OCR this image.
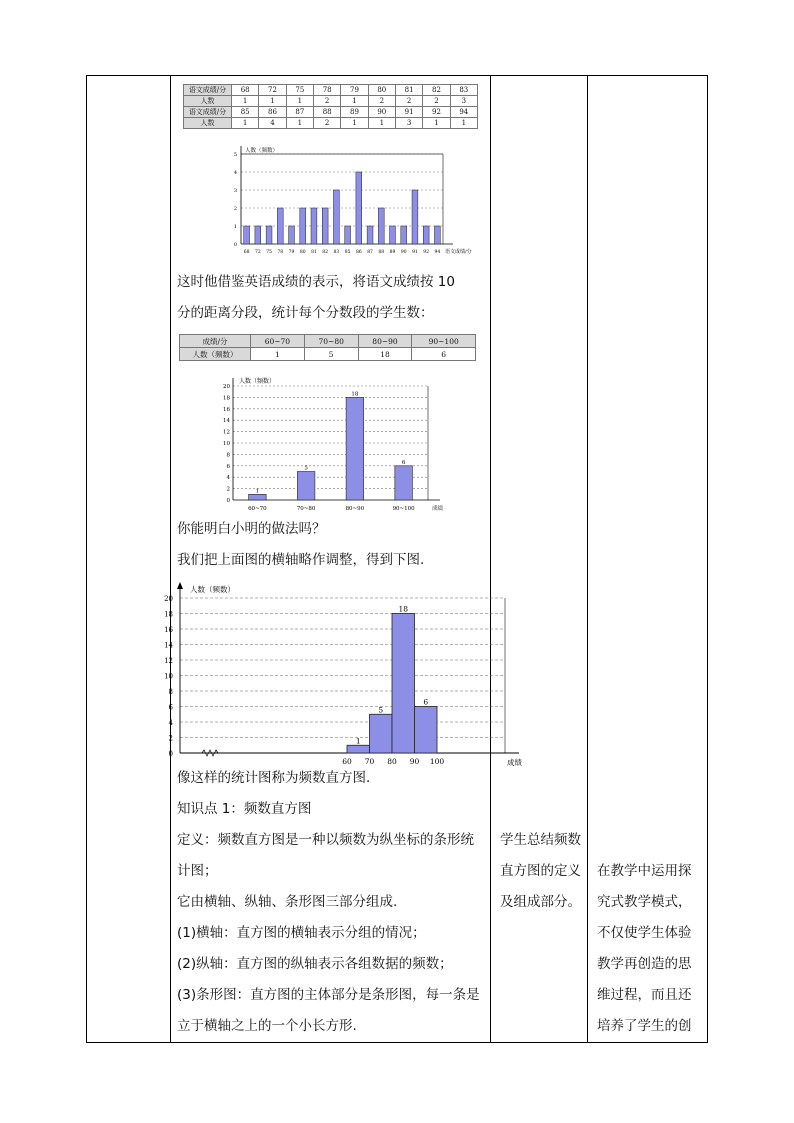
语文成绩/分	68	72	75	78	79	80	81	82	83
人数	1	1	1	2	1	2	2	2	3
语文成绩/分	85	86	87	88	89	90	91	92	94
人数	1	4	1	2	1	1	3	1	1
0
1
2
3
4
5
人数（频数）
语文成绩/分
68 72 75 78 79 80 81 82 83 85 86 87 88 89 90 91 92 94
这时他借鉴英语成绩的表示，将语文成绩按 10
分的距离分段，统计每个分数段的学生数：
成绩/分	60~70	70~80	80~90	90~100
人数（频数）	1	5	18	6
0
2
4
6
8
10
12
14
16
18
20
人数（频数）
成绩
1
60~70
5
70~80
18
80~90
6
90~100
你能明白小明的做法吗？
我们把上面图的横轴略作调整，得到下图.
0
2
4
6
8
10
12
14
16
18
20
人数（频数）
成绩
1
5
18
6
60 70 80 90 100
像这样的统计图称为频数直方图.
知识点 1：频数直方图
定义：频数直方图是一种以频数为纵坐标的条形统
计图；
它由横轴、纵轴、条形图三部分组成.
(1)横轴：直方图的横轴表示分组的情况；
(2)纵轴：直方图的纵轴表示各组数据的频数；
(3)条形图：直方图的主体部分是条形图，每一条是
立于横轴之上的一个小长方形.
学生总结频数
直方图的定义
及组成部分。
在教学中运用探
究式教学模式，
不仅使学生体验
教学再创造的思
维过程，而且还
培养了学生的创
